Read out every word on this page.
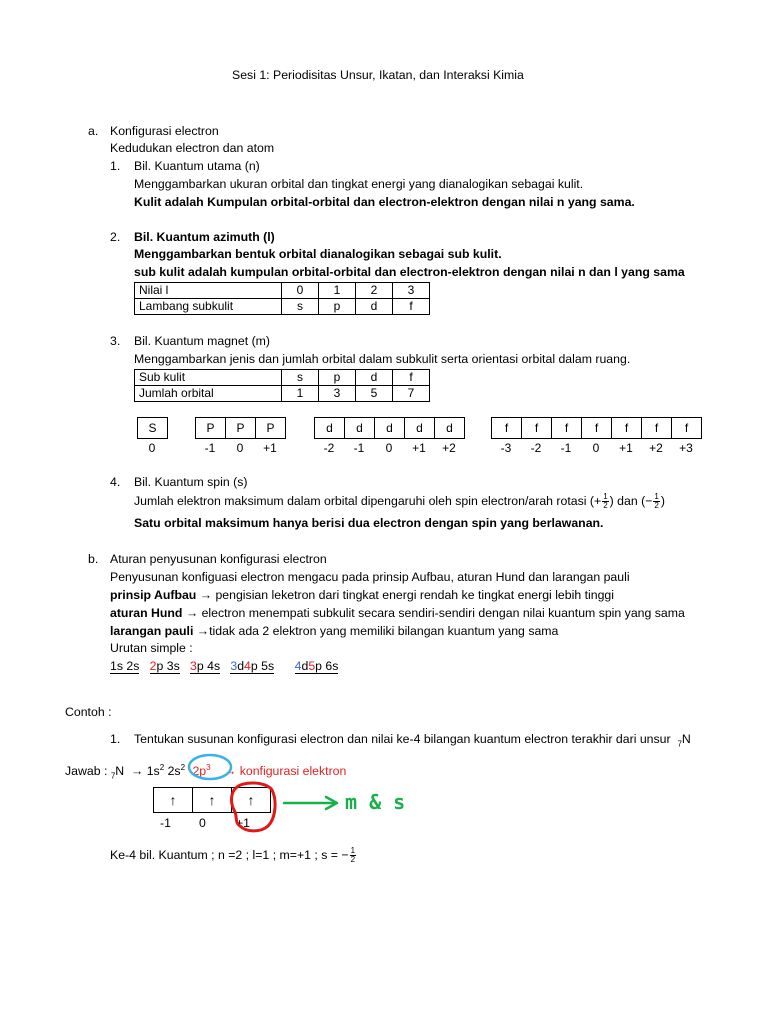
Sesi 1: Periodisitas Unsur, Ikatan, dan Interaksi Kimia
a. Konfigurasi electron
Kedudukan electron dan atom
1. Bil. Kuantum utama (n)
Menggambarkan ukuran orbital dan tingkat energi yang dianalogikan sebagai kulit.
Kulit adalah Kumpulan orbital-orbital dan electron-elektron dengan nilai n yang sama.
2. Bil. Kuantum azimuth (l)
Menggambarkan bentuk orbital dianalogikan sebagai sub kulit.
sub kulit adalah kumpulan orbital-orbital dan electron-elektron dengan nilai n dan l yang sama
Nilai l	0	1	2	3
Lambang subkulit	s	p	d	f
3. Bil. Kuantum magnet (m)
Menggambarkan jenis dan jumlah orbital dalam subkulit serta orientasi orbital dalam ruang.
Sub kulit	s	p	d	f
Jumlah orbital	1	3	5	7
S
0
P	P	P
-1	0	+1
d	d	d	d	d
-2	-1	0	+1	+2
f	f	f	f	f	f	f
-3	-2	-1	0	+1	+2	+3
4. Bil. Kuantum spin (s)
Jumlah elektron maksimum dalam orbital dipengaruhi oleh spin electron/arah rotasi (+ $\frac{1}{2}$ ) dan (− $\frac{1}{2}$ )
Satu orbital maksimum hanya berisi dua electron dengan spin yang berlawanan.
b. Aturan penyusunan konfigurasi electron
Penyusunan konfiguasi electron mengacu pada prinsip Aufbau, aturan Hund dan larangan pauli
prinsip Aufbau → pengisian leketron dari tingkat energi rendah ke tingkat energi lebih tinggi
aturan Hund → electron menempati subkulit secara sendiri-sendiri dengan nilai kuantum spin yang sama
larangan pauli →tidak ada 2 elektron yang memiliki bilangan kuantum yang sama
Urutan simple :
1s 2s 2p 3s 3p 4s 3d4p 5s 4d5p 6s
Contoh :
1. Tentukan susunan konfigurasi electron dan nilai ke-4 bilangan kuantum electron terakhir dari unsur $_7$N
Jawab : $_7N \to 1s^2$ $2s^2$ $2p^3$ → konfigurasi elektron
↑	↑	↑
-1 0 +1
m & s
Ke-4 bil. Kuantum ; n =2 ; l=1 ; m=+1 ; s = − $\frac{1}{2}$
